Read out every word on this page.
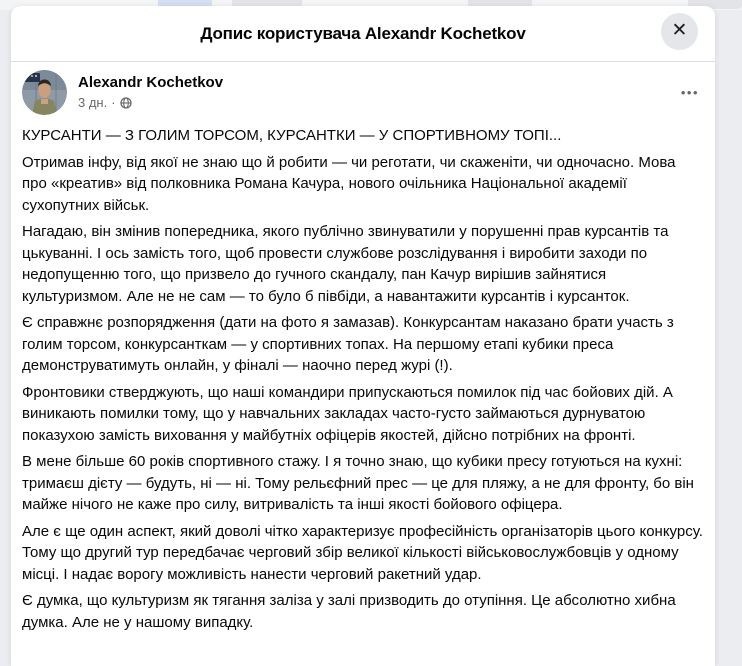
Допис користувача Alexandr Kochetkov	✕
Alexandr Kochetkov
3 дн. ·
•••

КУРСАНТИ — З ГОЛИМ ТОРСОМ, КУРСАНТКИ — У СПОРТИВНОМУ ТОПІ...

Отримав інфу, від якої не знаю що й робити — чи реготати, чи скаженіти, чи одночасно. Мова про «креатив» від полковника Романа Качура, нового очільника Національної академії сухопутних військ.

Нагадаю, він змінив попередника, якого публічно звинуватили у порушенні прав курсантів та цькуванні. І ось замість того, щоб провести службове розслідування і виробити заходи по недопущенню того, що призвело до гучного скандалу, пан Качур вирішив зайнятися культуризмом. Але не не сам — то було б півбіди, а навантажити курсантів і курсанток.

Є справжнє розпорядження (дати на фото я замазав). Конкурсантам наказано брати участь з голим торсом, конкурсанткам — у спортивних топах. На першому етапі кубики преса демонструватимуть онлайн, у фіналі — наочно перед журі (!).

Фронтовики стверджують, що наші командири припускаються помилок під час бойових дій. А виникають помилки тому, що у навчальних закладах часто-густо займаються дурнуватою показухою замість виховання у майбутніх офіцерів якостей, дійсно потрібних на фронті.

В мене більше 60 років спортивного стажу. І я точно знаю, що кубики пресу готуються на кухні: тримаєш дієту — будуть, ні — ні. Тому рельєфний прес — це для пляжу, а не для фронту, бо він майже нічого не каже про силу, витривалість та інші якості бойового офіцера.

Але є ще один аспект, який доволі чітко характеризує професійність організаторів цього конкурсу. Тому що другий тур передбачає черговий збір великої кількості військовослужбовців у одному місці. І надає ворогу можливість нанести черговий ракетний удар.

Є думка, що культуризм як тягання заліза у залі призводить до отупіння. Це абсолютно хибна думка. Але не у нашому випадку.
